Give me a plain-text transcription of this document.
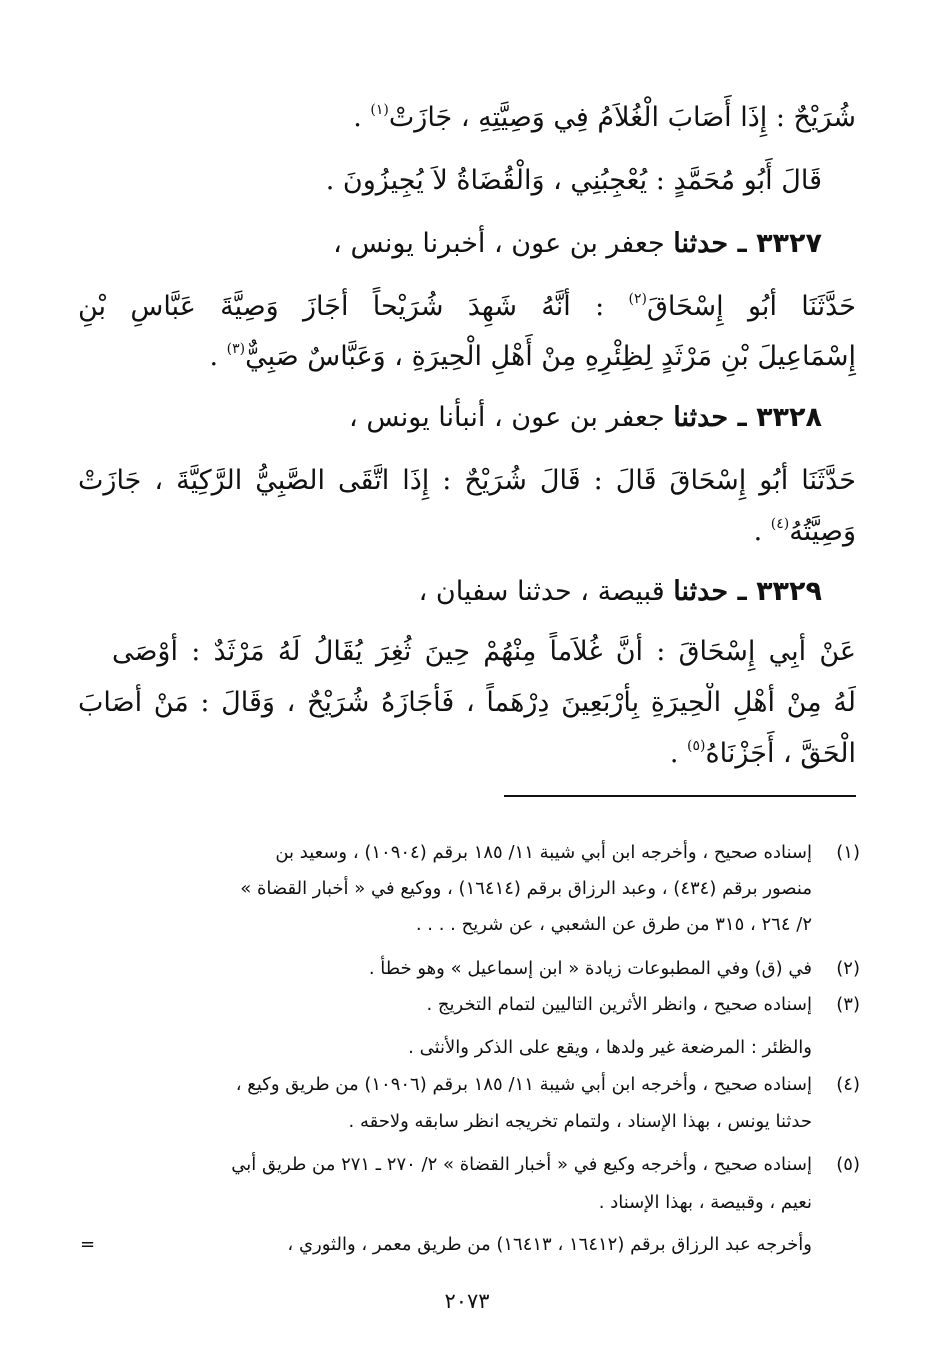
شُرَيْحٌ : إِذَا أَصَابَ الْغُلاَمُ فِي وَصِيَّتِهِ ، جَازَتْ$^{(١)}$ .
قَالَ أَبُو مُحَمَّدٍ : يُعْجِبُنِي ، وَالْقُضَاةُ لاَ يُجِيزُونَ .
٣٣٢٧ ـ حدثنا جعفر بن عون ، أخبرنا يونس ،
حَدَّثَنَا أَبُو إِسْحَاقَ$^{(٢)}$ : أَنَّهُ شَهِدَ شُرَيْحاً أَجَازَ وَصِيَّةَ عَبَّاسِ بْنِ
إِسْمَاعِيلَ بْنِ مَرْثَدٍ لِظِئْرِهِ مِنْ أَهْلِ الْحِيرَةِ ، وَعَبَّاسٌ صَبِيٌّ$^{(٣)}$ .
٣٣٢٨ ـ حدثنا جعفر بن عون ، أنبأنا يونس ،
حَدَّثَنَا أَبُو إِسْحَاقَ قَالَ : قَالَ شُرَيْحٌ : إِذَا اتَّقَى الصَّبِيُّ الرَّكِيَّةَ ، جَازَتْ
وَصِيَّتُهُ$^{(٤)}$ .
٣٣٢٩ ـ حدثنا قبيصة ، حدثنا سفيان ،
عَنْ أَبِي إِسْحَاقَ : أَنَّ غُلاَماً مِنْهُمْ حِينَ ثُغِرَ يُقَالُ لَهُ مَرْثَدٌ : أَوْصَى
لَهُ مِنْ أَهْلِ الْحِيرَةِ بِأَرْبَعِينَ دِرْهَماً ، فَأَجَازَهُ شُرَيْحٌ ، وَقَالَ : مَنْ أَصَابَ
الْحَقَّ ، أَجَزْنَاهُ$^{(٥)}$ .
(١)
إسناده صحيح ، وأخرجه ابن أبي شيبة ١١/ ١٨٥ برقم (١٠٩٠٤) ، وسعيد بن
منصور برقم (٤٣٤) ، وعبد الرزاق برقم (١٦٤١٤) ، ووكيع في « أخبار القضاة »
٢/ ٢٦٤ ، ٣١٥ من طرق عن الشعبي ، عن شريح . . . .
(٢)
في (ق) وفي المطبوعات زيادة « ابن إسماعيل » وهو خطأ .
(٣)
إسناده صحيح ، وانظر الأثرين التاليين لتمام التخريج .
والظئر : المرضعة غير ولدها ، ويقع على الذكر والأنثى .
(٤)
إسناده صحيح ، وأخرجه ابن أبي شيبة ١١/ ١٨٥ برقم (١٠٩٠٦) من طريق وكيع ،
حدثنا يونس ، بهذا الإسناد ، ولتمام تخريجه انظر سابقه ولاحقه .
(٥)
إسناده صحيح ، وأخرجه وكيع في « أخبار القضاة » ٢/ ٢٧٠ ـ ٢٧١ من طريق أبي
نعيم ، وقبيصة ، بهذا الإسناد .
وأخرجه عبد الرزاق برقم (١٦٤١٢ ، ١٦٤١٣) من طريق معمر ، والثوري ،
=
٢٠٧٣
